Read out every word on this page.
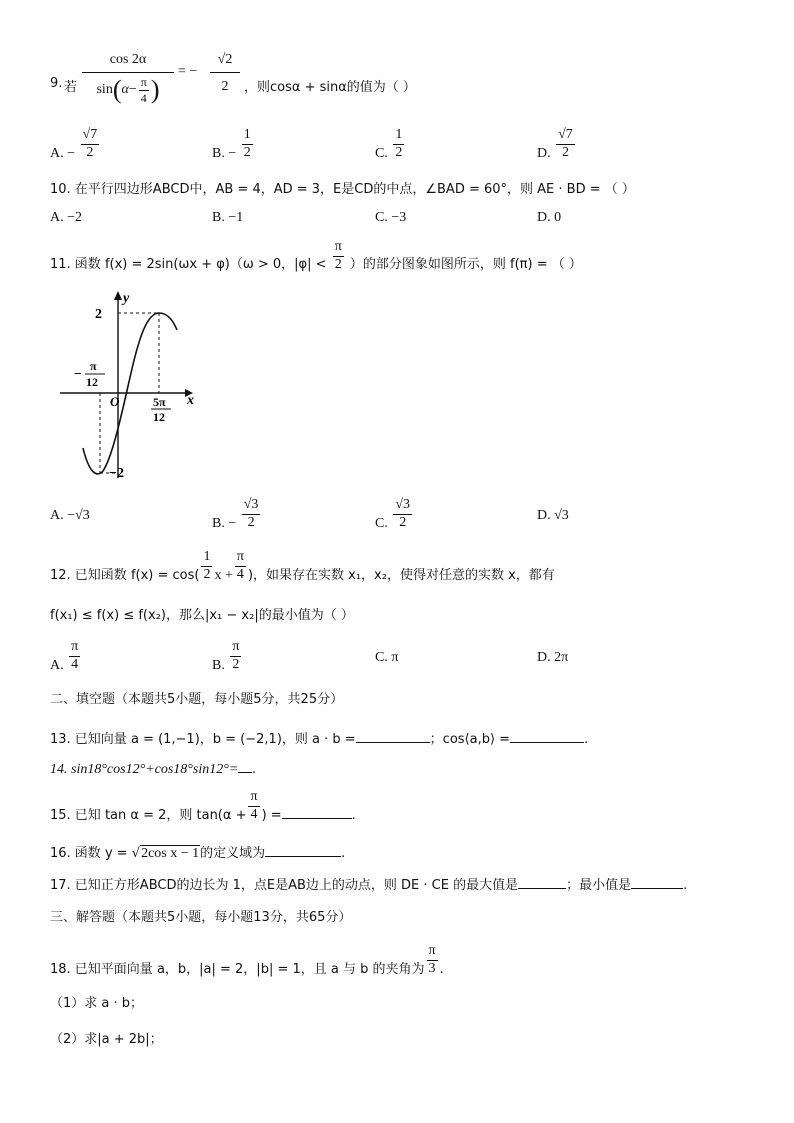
9. 若 $\frac{\cos 2\alpha}{\sin(\alpha- \frac{\pi}{4} )}$ = −
√2
2	，则cosα + sinα的值为（ ）
A. − $\frac{√7}{2}$	B. − $\frac{1}{2}$	C. $\frac{1}{2}$	D. $\frac{√7}{2}$
10. 在平行四边形ABCD中，AB = 4，AD = 3，E是CD的中点，∠BAD = 60°，则 AE · BD = （ ）
A. −2	B. −1	C. −3	D. 0
11. 函数 f(x) = 2sin(ωx + φ)（ω > 0，$|\varphi| < \frac{\pi}{2}$ ）的部分图象如图所示，则 f(π) = （ ）
y
x
O
2
−2
−
π
12
5π
12
A. −√3
B. − $\frac{√3}{2}$	C. $\frac{√3}{2}$	D. √3
12. 已知函数 $f(x) = \cos( \frac{1}{2}$ $x + \frac{\pi}{4}$ )，如果存在实数 x₁，x₂，使得对任意的实数 x，都有
f(x₁) ≤ f(x) ≤ f(x₂)，那么|x₁ − x₂|的最小值为（ ）
A. $\frac{\pi}{4}$	B. $\frac{\pi}{2}$	C. π	D. 2π
二、填空题（本题共5小题，每小题5分，共25分）
13. 已知向量 a = (1,−1)，b = (−2,1)，则 a · b =	；cos⟨a,b⟩ =	.
14. sin18°cos12°+cos18°sin12°= .
15. 已知 tan α = 2，则 $\tan(\alpha + \frac{\pi}{4}$ ) =	.
16. 函数 y = √2cos x − 1的定义域为	.
17. 已知正方形ABCD的边长为 1，点E是AB边上的动点，则 DE · CE 的最大值是	；最小值是	.
三、解答题（本题共5小题，每小题13分，共65分）
18. 已知平面向量 a，b，|a| = 2，|b| = 1，且 a 与 b 的夹角为 $\frac{\pi}{3}$ .
（1）求 a · b；
（2）求|a + 2b|；
